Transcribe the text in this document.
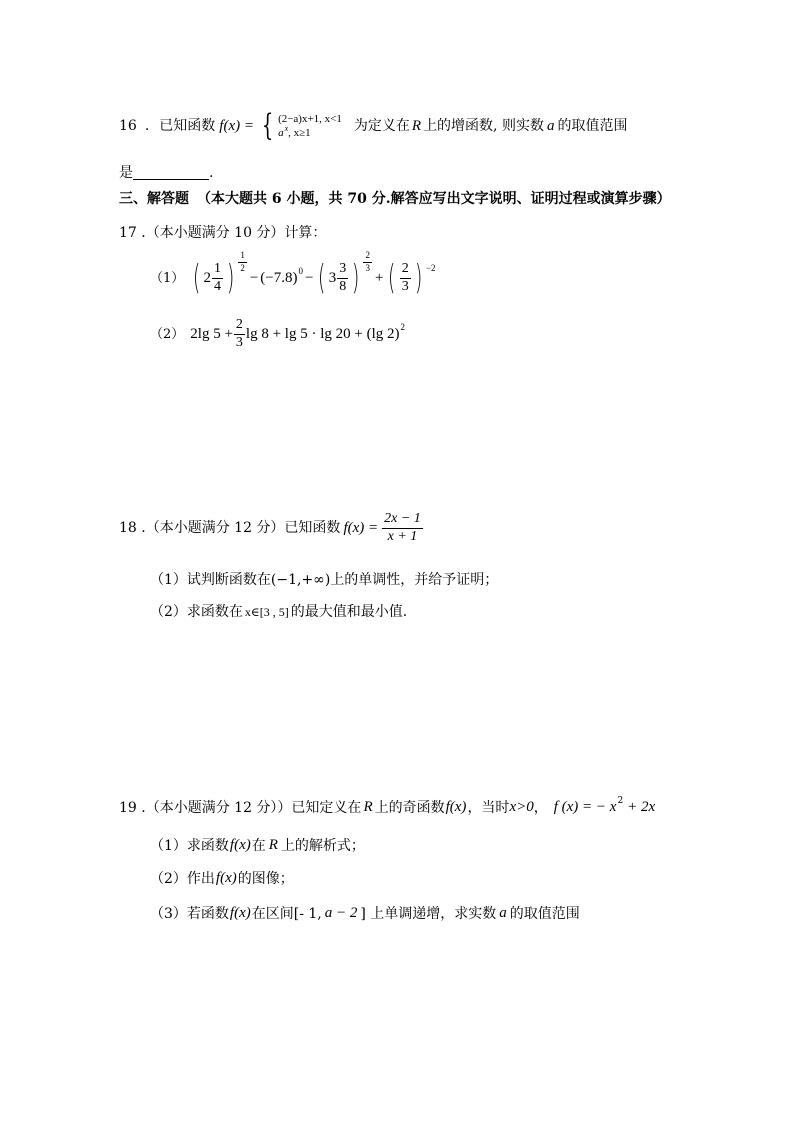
16 . 已知函数 f(x) = { (2−a)x+1, x<1
$a^x$, x≥1	为定义在 R 上的增函数, 则实数 a 的取值范围
是	.
三、解答题 （本大题共 6 小题，共 70 分.解答应写出文字说明、证明过程或演算步骤）
17 .（本小题满分 10 分）计算：
（1） ( 2
1
4 )
1
2
− (−7.8) 0 − ( 3
3
8 )
2
3
+ ( 2
3 ) −2
（2） 2lg $5 + \frac{2}{3}$ lg 8 + lg 5 · lg 20 + (lg 2) 2
18 .（本小题满分 12 分）已知函数 $f(x) = \frac{2x - 1}{x + 1}$
（1）试判断函数在(−1,+∞)上的单调性，并给予证明；
（2）求函数在 x∈[3 , 5] 的最大值和最小值.
19 .（本小题满分 12 分））已知定义在 R 上的奇函数 f(x) ，当时 x>0 ， f (x) = − x 2 + 2x
（1）求函数 f(x) 在 R 上的解析式；
（2）作出 f(x) 的图像；
（3）若函数 f(x) 在区间[- 1, a − 2 ] 上单调递增，求实数 a 的取值范围
